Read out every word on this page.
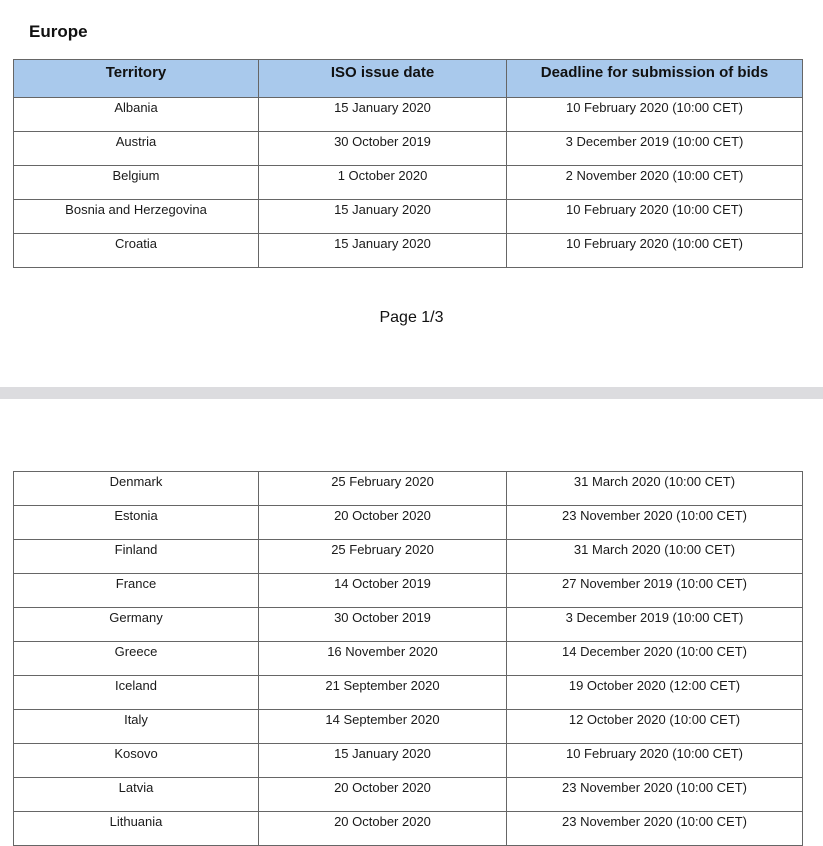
Europe
Territory	ISO issue date	Deadline for submission of bids
Albania	15 January 2020	10 February 2020 (10:00 CET)
Austria	30 October 2019	3 December 2019 (10:00 CET)
Belgium	1 October 2020	2 November 2020 (10:00 CET)
Bosnia and Herzegovina	15 January 2020	10 February 2020 (10:00 CET)
Croatia	15 January 2020	10 February 2020 (10:00 CET)
Page 1/3
Denmark	25 February 2020	31 March 2020 (10:00 CET)
Estonia	20 October 2020	23 November 2020 (10:00 CET)
Finland	25 February 2020	31 March 2020 (10:00 CET)
France	14 October 2019	27 November 2019 (10:00 CET)
Germany	30 October 2019	3 December 2019 (10:00 CET)
Greece	16 November 2020	14 December 2020 (10:00 CET)
Iceland	21 September 2020	19 October 2020 (12:00 CET)
Italy	14 September 2020	12 October 2020 (10:00 CET)
Kosovo	15 January 2020	10 February 2020 (10:00 CET)
Latvia	20 October 2020	23 November 2020 (10:00 CET)
Lithuania	20 October 2020	23 November 2020 (10:00 CET)
